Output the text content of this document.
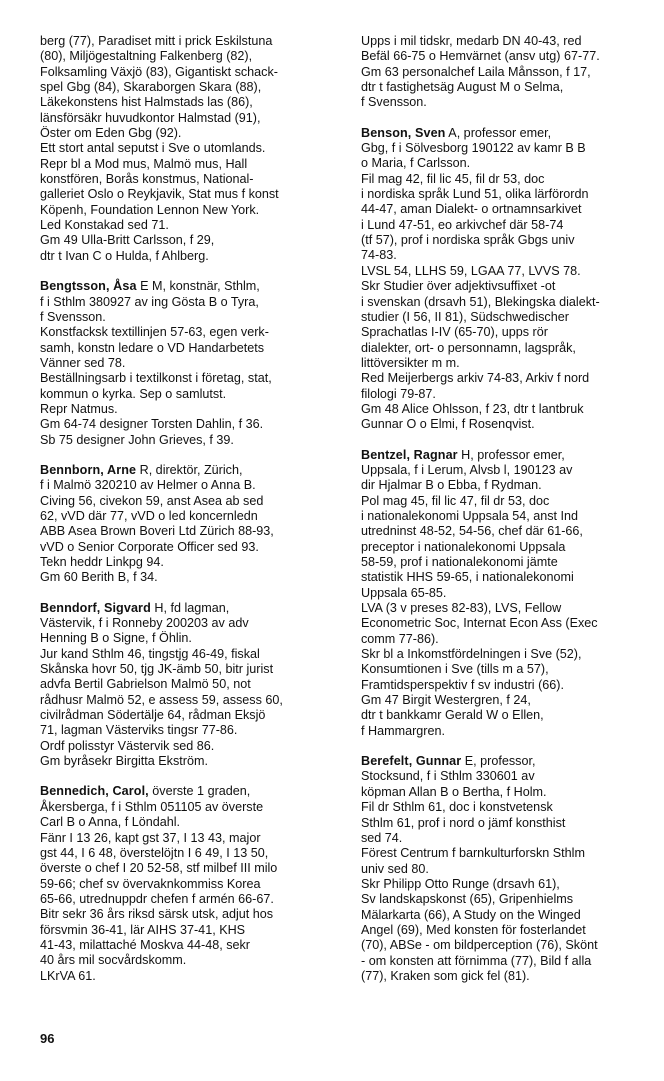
berg (77), Paradiset mitt i prick Eskilstuna
(80), Miljögestaltning Falkenberg (82),
Folksamling Växjö (83), Gigantiskt schack-
spel Gbg (84), Skaraborgen Skara (88),
Läkekonstens hist Halmstads las (86),
länsförsäkr huvudkontor Halmstad (91),
Öster om Eden Gbg (92).
Ett stort antal seputst i Sve o utomlands.
Repr bl a Mod mus, Malmö mus, Hall
konstfören, Borås konstmus, National-
galleriet Oslo o Reykjavik, Stat mus f konst
Köpenh, Foundation Lennon New York.
Led Konstakad sed 71.
Gm 49 Ulla-Britt Carlsson, f 29,
dtr t Ivan C o Hulda, f Ahlberg.
Bengtsson, Åsa E M, konstnär, Sthlm,
f i Sthlm 380927 av ing Gösta B o Tyra,
f Svensson.
Konstfacksk textillinjen 57-63, egen verk-
samh, konstn ledare o VD Handarbetets
Vänner sed 78.
Beställningsarb i textilkonst i företag, stat,
kommun o kyrka. Sep o samlutst.
Repr Natmus.
Gm 64-74 designer Torsten Dahlin, f 36.
Sb 75 designer John Grieves, f 39.
Bennborn, Arne R, direktör, Zürich,
f i Malmö 320210 av Helmer o Anna B.
Civing 56, civekon 59, anst Asea ab sed
62, vVD där 77, vVD o led koncernledn
ABB Asea Brown Boveri Ltd Zürich 88-93,
vVD o Senior Corporate Officer sed 93.
Tekn heddr Linkpg 94.
Gm 60 Berith B, f 34.
Benndorf, Sigvard H, fd lagman,
Västervik, f i Ronneby 200203 av adv
Henning B o Signe, f Öhlin.
Jur kand Sthlm 46, tingstjg 46-49, fiskal
Skånska hovr 50, tjg JK-ämb 50, bitr jurist
advfa Bertil Gabrielson Malmö 50, not
rådhusr Malmö 52, e assess 59, assess 60,
civilrådman Södertälje 64, rådman Eksjö
71, lagman Västerviks tingsr 77-86.
Ordf polisstyr Västervik sed 86.
Gm byråsekr Birgitta Ekström.
Bennedich, Carol, överste 1 graden,
Åkersberga, f i Sthlm 051105 av överste
Carl B o Anna, f Löndahl.
Fänr I 13 26, kapt gst 37, I 13 43, major
gst 44, I 6 48, överstelöjtn I 6 49, I 13 50,
överste o chef I 20 52-58, stf milbef III milo
59-66; chef sv övervaknkommiss Korea
65-66, utrednuppdr chefen f armén 66-67.
Bitr sekr 36 års riksd särsk utsk, adjut hos
försvmin 36-41, lär AIHS 37-41, KHS
41-43, milattaché Moskva 44-48, sekr
40 års mil socvårdskomm.
LKrVA 61.
Upps i mil tidskr, medarb DN 40-43, red
Befäl 66-75 o Hemvärnet (ansv utg) 67-77.
Gm 63 personalchef Laila Månsson, f 17,
dtr t fastighetsäg August M o Selma,
f Svensson.
Benson, Sven A, professor emer,
Gbg, f i Sölvesborg 190122 av kamr B B
o Maria, f Carlsson.
Fil mag 42, fil lic 45, fil dr 53, doc
i nordiska språk Lund 51, olika lärförordn
44-47, aman Dialekt- o ortnamnsarkivet
i Lund 47-51, eo arkivchef där 58-74
(tf 57), prof i nordiska språk Gbgs univ
74-83.
LVSL 54, LLHS 59, LGAA 77, LVVS 78.
Skr Studier över adjektivsuffixet -ot
i svenskan (drsavh 51), Blekingska dialekt-
studier (I 56, II 81), Südschwedischer
Sprachatlas I-IV (65-70), upps rör
dialekter, ort- o personnamn, lagspråk,
littöversikter m m.
Red Meijerbergs arkiv 74-83, Arkiv f nord
filologi 79-87.
Gm 48 Alice Ohlsson, f 23, dtr t lantbruk
Gunnar O o Elmi, f Rosenqvist.
Bentzel, Ragnar H, professor emer,
Uppsala, f i Lerum, Alvsb l, 190123 av
dir Hjalmar B o Ebba, f Rydman.
Pol mag 45, fil lic 47, fil dr 53, doc
i nationalekonomi Uppsala 54, anst Ind
utredninst 48-52, 54-56, chef där 61-66,
preceptor i nationalekonomi Uppsala
58-59, prof i nationalekonomi jämte
statistik HHS 59-65, i nationalekonomi
Uppsala 65-85.
LVA (3 v preses 82-83), LVS, Fellow
Econometric Soc, Internat Econ Ass (Exec
comm 77-86).
Skr bl a Inkomstfördelningen i Sve (52),
Konsumtionen i Sve (tills m a 57),
Framtidsperspektiv f sv industri (66).
Gm 47 Birgit Westergren, f 24,
dtr t bankkamr Gerald W o Ellen,
f Hammargren.
Berefelt, Gunnar E, professor,
Stocksund, f i Sthlm 330601 av
köpman Allan B o Bertha, f Holm.
Fil dr Sthlm 61, doc i konstvetensk
Sthlm 61, prof i nord o jämf konsthist
sed 74.
Förest Centrum f barnkulturforskn Sthlm
univ sed 80.
Skr Philipp Otto Runge (drsavh 61),
Sv landskapskonst (65), Gripenhielms
Mälarkarta (66), A Study on the Winged
Angel (69), Med konsten för fosterlandet
(70), ABSe - om bildperception (76), Skönt
- om konsten att förnimma (77), Bild f alla
(77), Kraken som gick fel (81).
96
